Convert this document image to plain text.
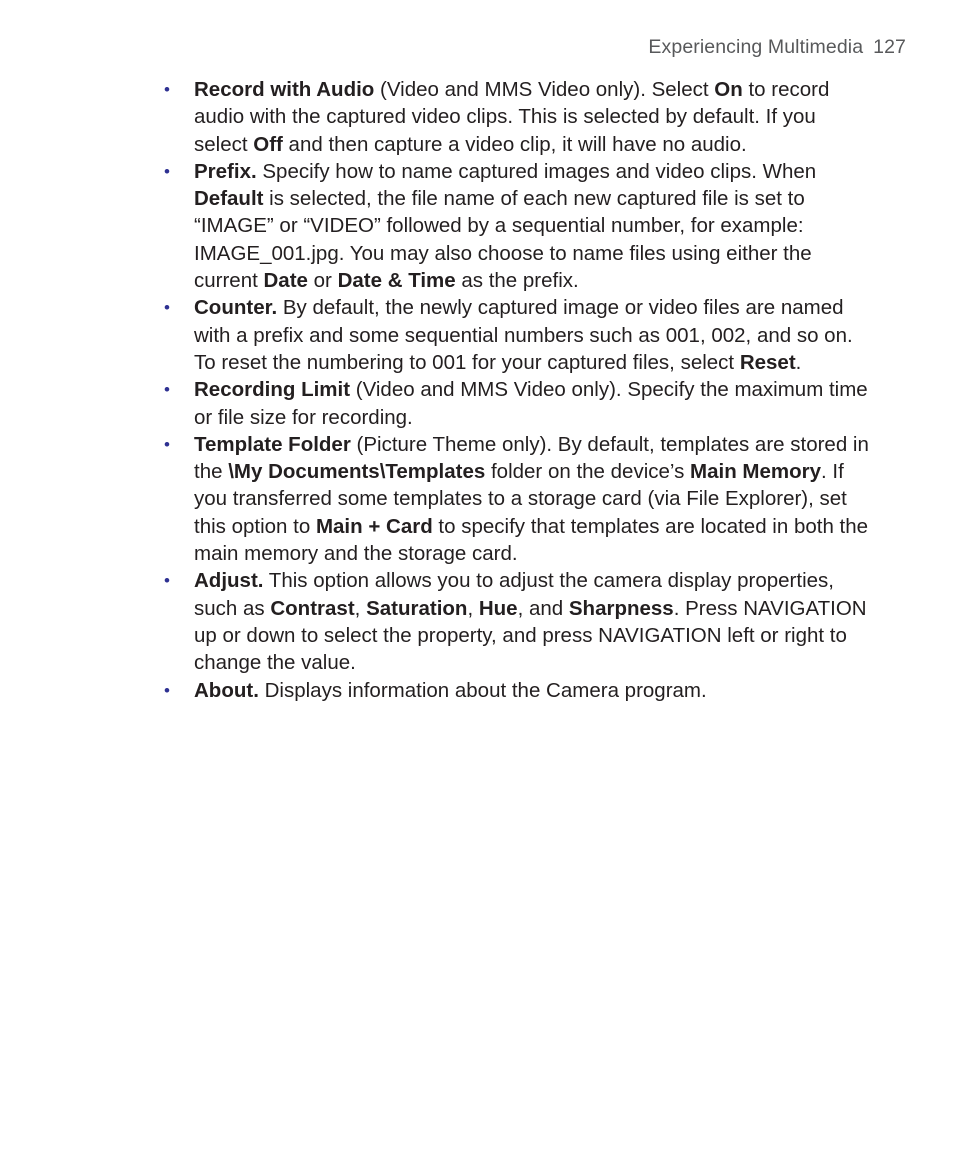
Experiencing Multimedia 127
• Record with Audio (Video and MMS Video only). Select On to record audio with the captured video clips. This is selected by default. If you select Off and then capture a video clip, it will have no audio.
• Prefix. Specify how to name captured images and video clips. When Default is selected, the file name of each new captured file is set to “IMAGE” or “VIDEO” followed by a sequential number, for example: IMAGE_001.jpg. You may also choose to name files using either the current Date or Date & Time as the prefix.
• Counter. By default, the newly captured image or video files are named with a prefix and some sequential numbers such as 001, 002, and so on. To reset the numbering to 001 for your captured files, select Reset.
• Recording Limit (Video and MMS Video only). Specify the maximum time or file size for recording.
• Template Folder (Picture Theme only). By default, templates are stored in the \My Documents\Templates folder on the device’s Main Memory. If you transferred some templates to a storage card (via File Explorer), set this option to Main + Card to specify that templates are located in both the main memory and the storage card.
• Adjust. This option allows you to adjust the camera display properties, such as Contrast, Saturation, Hue, and Sharpness. Press NAVIGATION up or down to select the property, and press NAVIGATION left or right to change the value.
• About. Displays information about the Camera program.
